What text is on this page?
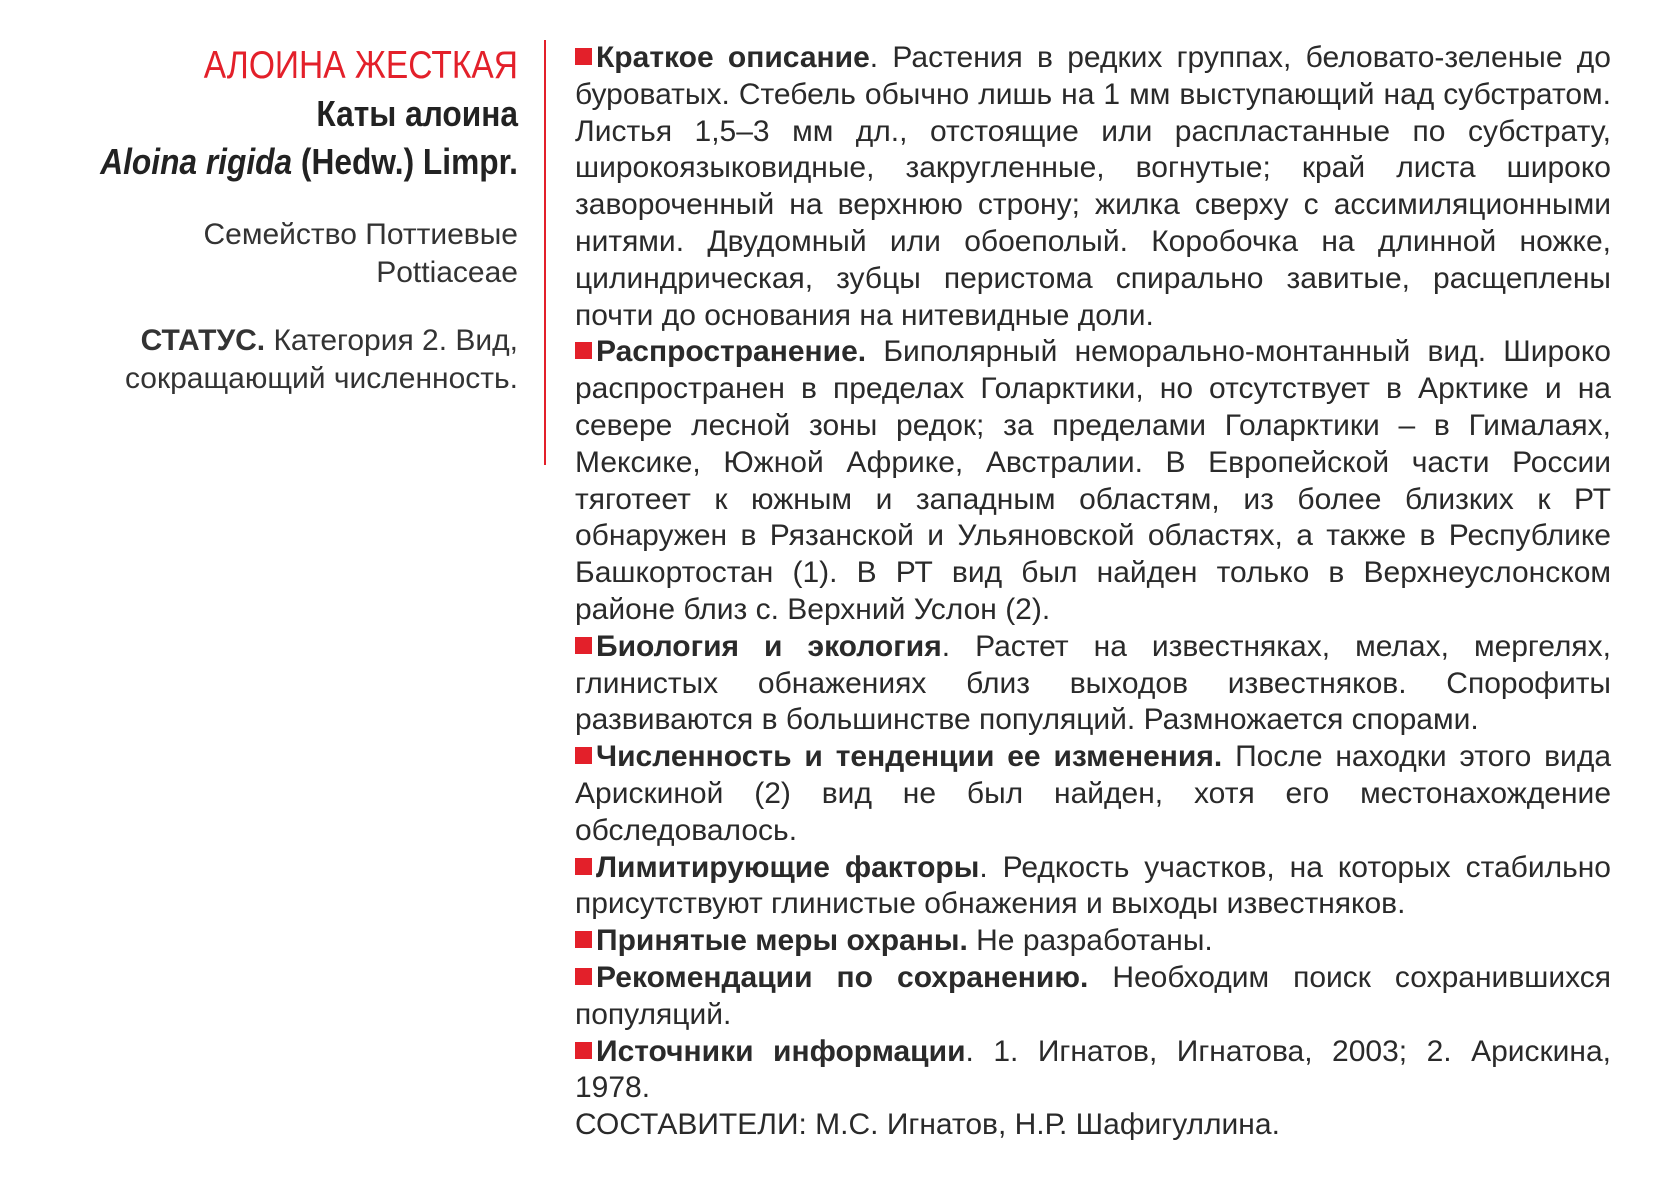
АЛОИНА ЖЕСТКАЯ
Каты алоина
Aloina rigida (Hedw.) Limpr.
Семейство Поттиевые
Pottiaceae
СТАТУС. Категория 2. Вид, сокращающий численность.

Краткое описание. Растения в редких группах, беловато-зеленые до буроватых. Стебель обычно лишь на 1 мм выступающий над субстратом. Листья 1,5–3 мм дл., отстоящие или распластанные по субстрату, широкоязыковидные, закругленные, вогнутые; край листа широко завороченный на верхнюю строну; жилка сверху с ассимиляционными нитями. Двудомный или обоеполый. Коробочка на длинной ножке, цилиндрическая, зубцы перистома спирально завитые, расщеплены почти до основания на нитевидные доли.

Распространение. Биполярный неморально-монтанный вид. Широко распространен в пределах Голарктики, но отсутствует в Арктике и на севере лесной зоны редок; за пределами Голарктики – в Гималаях, Мексике, Южной Африке, Австралии. В Европейской части России тяготеет к южным и западным областям, из более близких к РТ обнаружен в Рязанской и Ульяновской областях, а также в Республике Башкортостан (1). В РТ вид был найден только в Верхнеуслонском районе близ с. Верхний Услон (2).

Биология и экология. Растет на известняках, мелах, мергелях, глинистых обнажениях близ выходов известняков. Спорофиты развиваются в большинстве популяций. Размножается спорами.

Численность и тенденции ее изменения. После находки этого вида Арискиной (2) вид не был найден, хотя его местонахождение обследовалось.

Лимитирующие факторы. Редкость участков, на которых стабильно присутствуют глинистые обнажения и выходы известняков.

Принятые меры охраны. Не разработаны.

Рекомендации по сохранению. Необходим поиск сохранившихся популяций.

Источники информации. 1. Игнатов, Игнатова, 2003; 2. Арискина, 1978.

СОСТАВИТЕЛИ: М.С. Игнатов, Н.Р. Шафигуллина.
